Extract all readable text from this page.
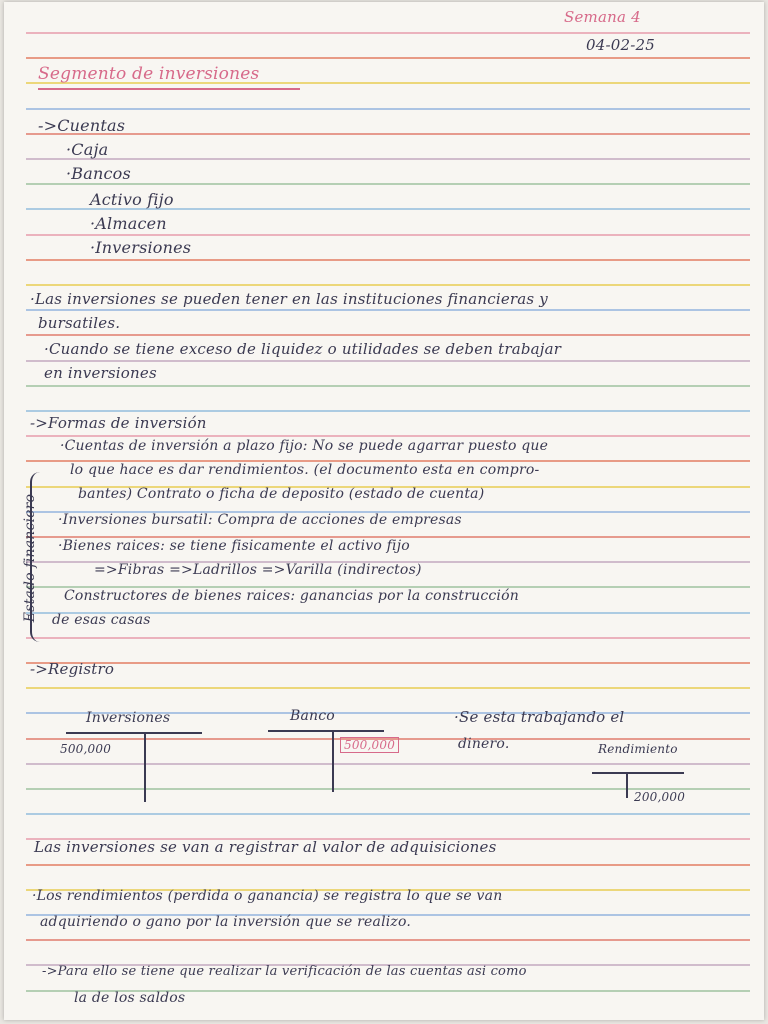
Semana 4
04-02-25
Segmento de inversiones
->Cuentas
·Caja
·Bancos
Activo fijo
·Almacen
·Inversiones
·Las inversiones se pueden tener en las instituciones financieras y
bursatiles.
·Cuando se tiene exceso de liquidez o utilidades se deben trabajar
en inversiones
->Formas de inversión
·Cuentas de inversión a plazo fijo: No se puede agarrar puesto que
lo que hace es dar rendimientos. (el documento esta en compro-
bantes) Contrato o ficha de deposito (estado de cuenta)
·Inversiones bursatil: Compra de acciones de empresas
·Bienes raices: se tiene fisicamente el activo fijo
=>Fibras =>Ladrillos =>Varilla (indirectos)
Constructores de bienes raices: ganancias por la construcción
de esas casas
Estado financiero
->Registro
Inversiones
500,000
Banco
500,000
·Se esta trabajando el
dinero.	Rendimiento
200,000
Las inversiones se van a registrar al valor de adquisiciones
·Los rendimientos (perdida o ganancia) se registra lo que se van
adquiriendo o gano por la inversión que se realizo.
->Para ello se tiene que realizar la verificación de las cuentas asi como
la de los saldos
